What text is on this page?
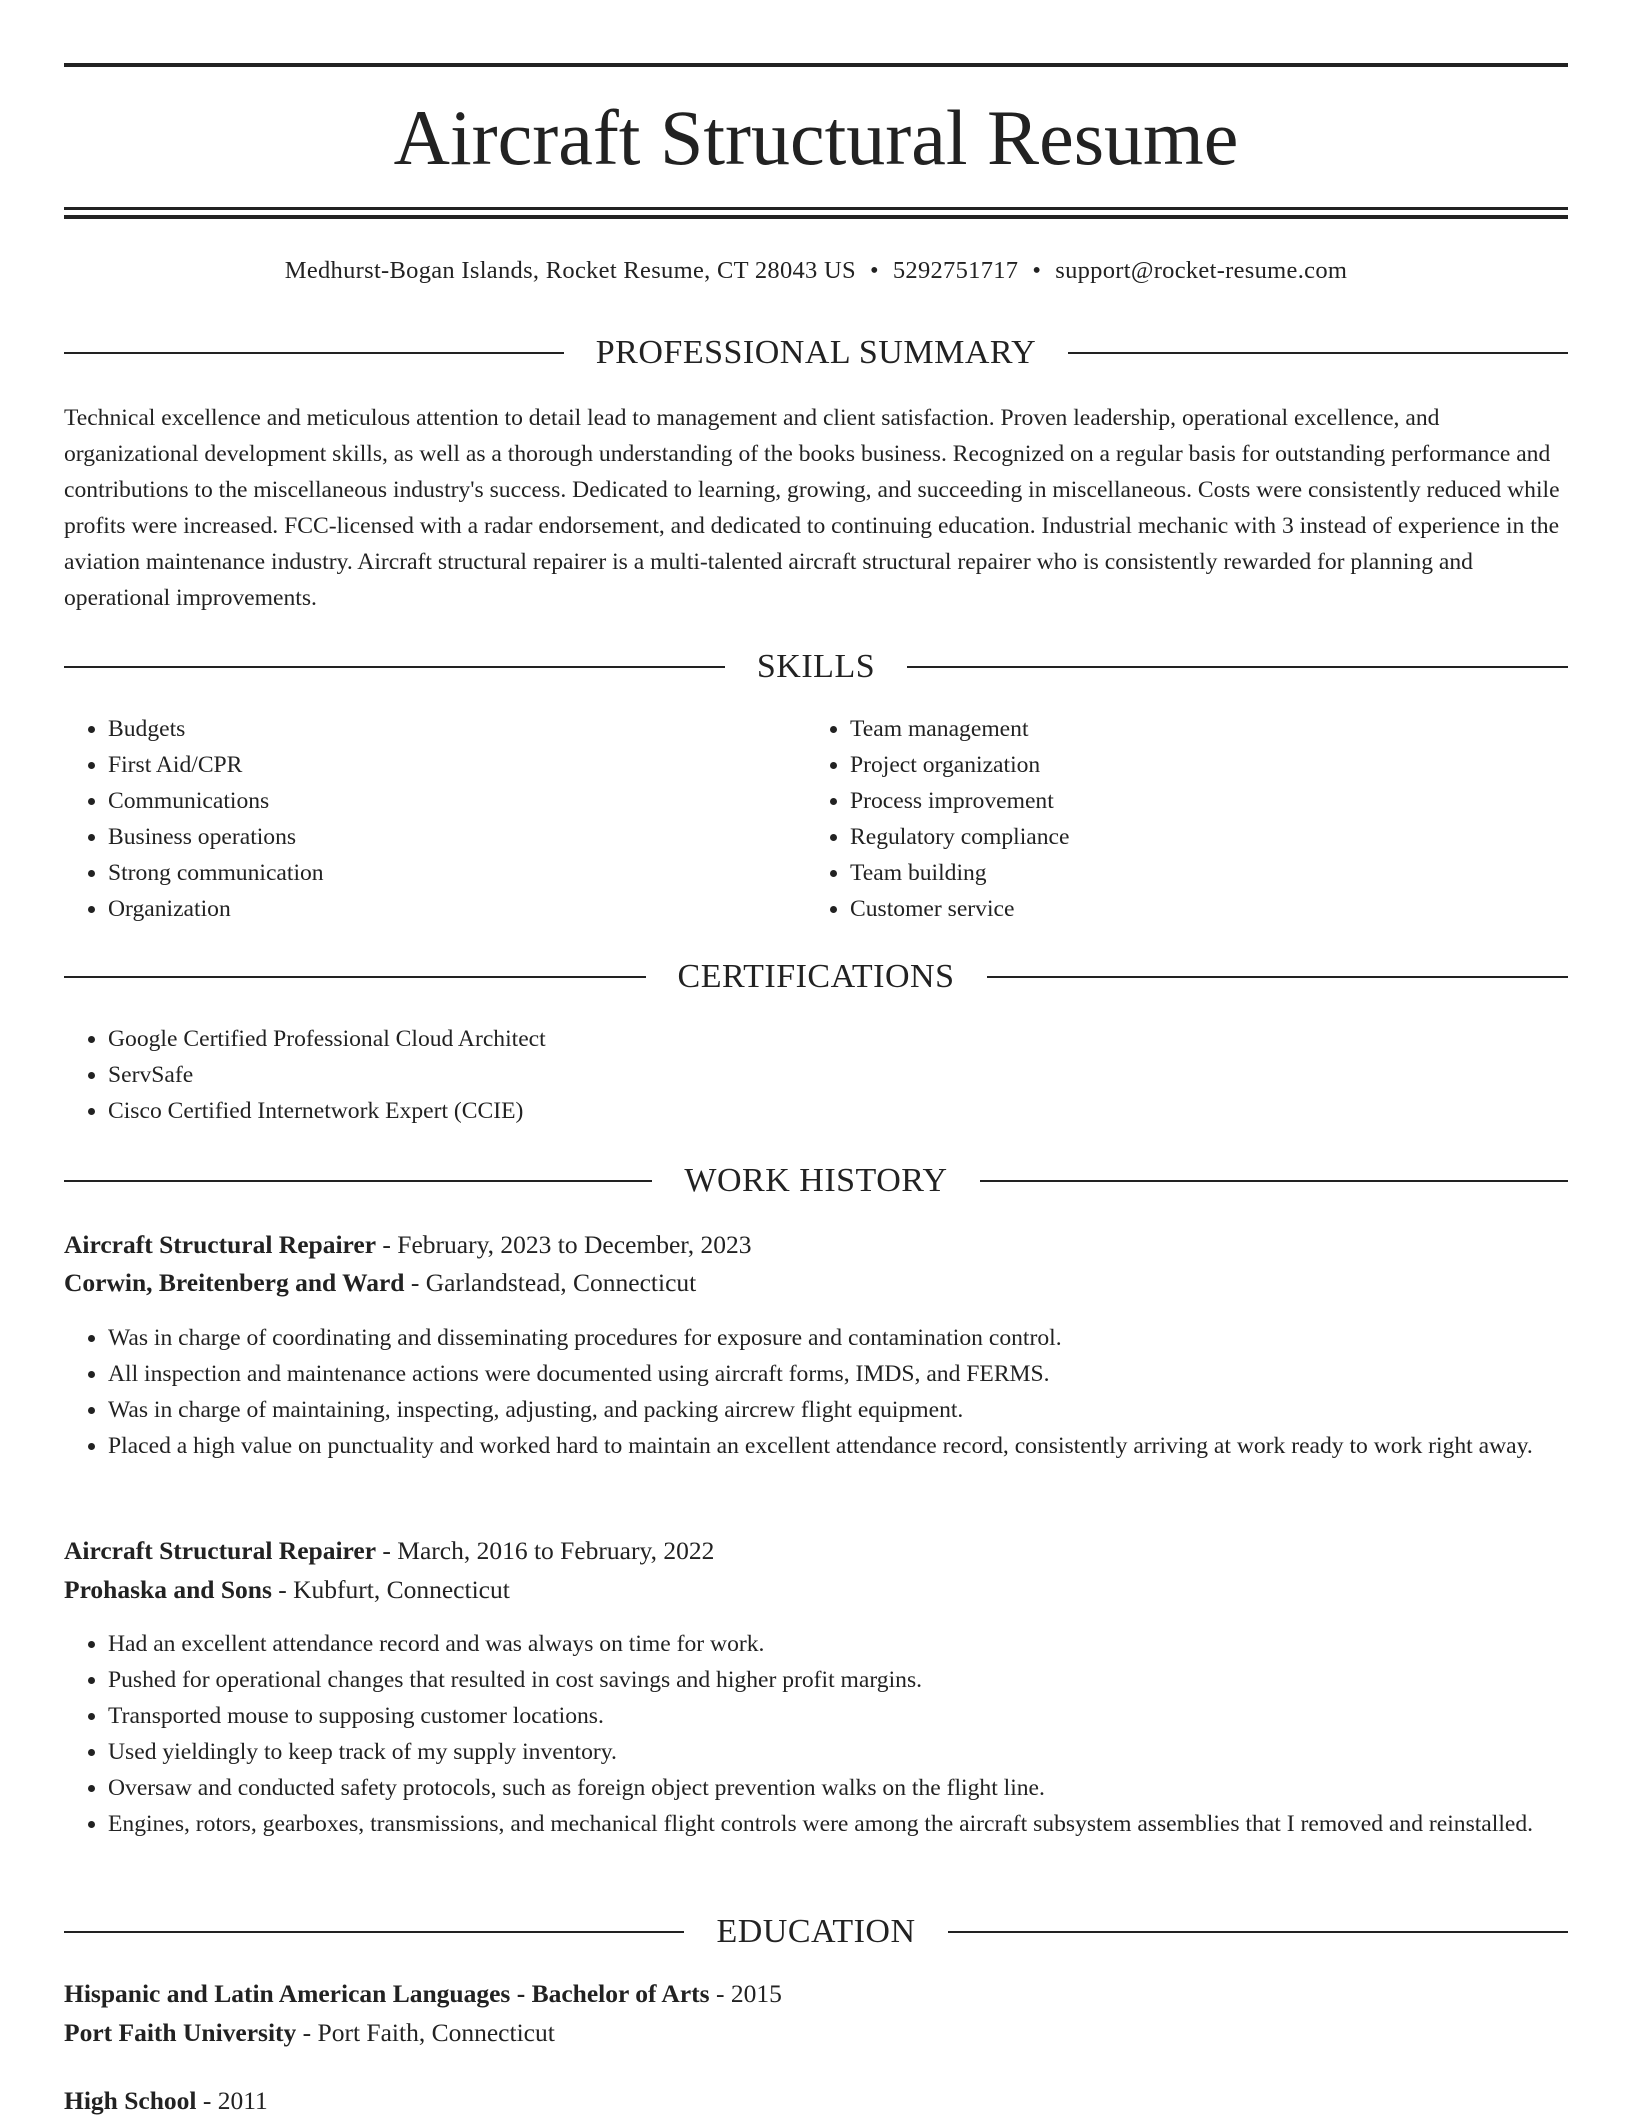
Aircraft Structural Resume
Medhurst-Bogan Islands, Rocket Resume, CT 28043 US • 5292751717 • support@rocket-resume.com
PROFESSIONAL SUMMARY

Technical excellence and meticulous attention to detail lead to management and client satisfaction. Proven leadership, operational excellence, and organizational development skills, as well as a thorough understanding of the books business. Recognized on a regular basis for outstanding performance and contributions to the miscellaneous industry's success. Dedicated to learning, growing, and succeeding in miscellaneous. Costs were consistently reduced while profits were increased. FCC-licensed with a radar endorsement, and dedicated to continuing education. Industrial mechanic with 3 instead of experience in the aviation maintenance industry. Aircraft structural repairer is a multi-talented aircraft structural repairer who is consistently rewarded for planning and operational improvements.

SKILLS
• Budgets
• First Aid/CPR
• Communications
• Business operations
• Strong communication
• Organization
• Team management
• Project organization
• Process improvement
• Regulatory compliance
• Team building
• Customer service
CERTIFICATIONS
• Google Certified Professional Cloud Architect
• ServSafe
• Cisco Certified Internetwork Expert (CCIE)
WORK HISTORY
Aircraft Structural Repairer - February, 2023 to December, 2023
Corwin, Breitenberg and Ward - Garlandstead, Connecticut
• Was in charge of coordinating and disseminating procedures for exposure and contamination control.
• All inspection and maintenance actions were documented using aircraft forms, IMDS, and FERMS.
• Was in charge of maintaining, inspecting, adjusting, and packing aircrew flight equipment.
• Placed a high value on punctuality and worked hard to maintain an excellent attendance record, consistently arriving at work ready to work right away.
Aircraft Structural Repairer - March, 2016 to February, 2022
Prohaska and Sons - Kubfurt, Connecticut
• Had an excellent attendance record and was always on time for work.
• Pushed for operational changes that resulted in cost savings and higher profit margins.
• Transported mouse to supposing customer locations.
• Used yieldingly to keep track of my supply inventory.
• Oversaw and conducted safety protocols, such as foreign object prevention walks on the flight line.
• Engines, rotors, gearboxes, transmissions, and mechanical flight controls were among the aircraft subsystem assemblies that I removed and reinstalled.
EDUCATION
Hispanic and Latin American Languages - Bachelor of Arts - 2015
Port Faith University - Port Faith, Connecticut
High School - 2011
